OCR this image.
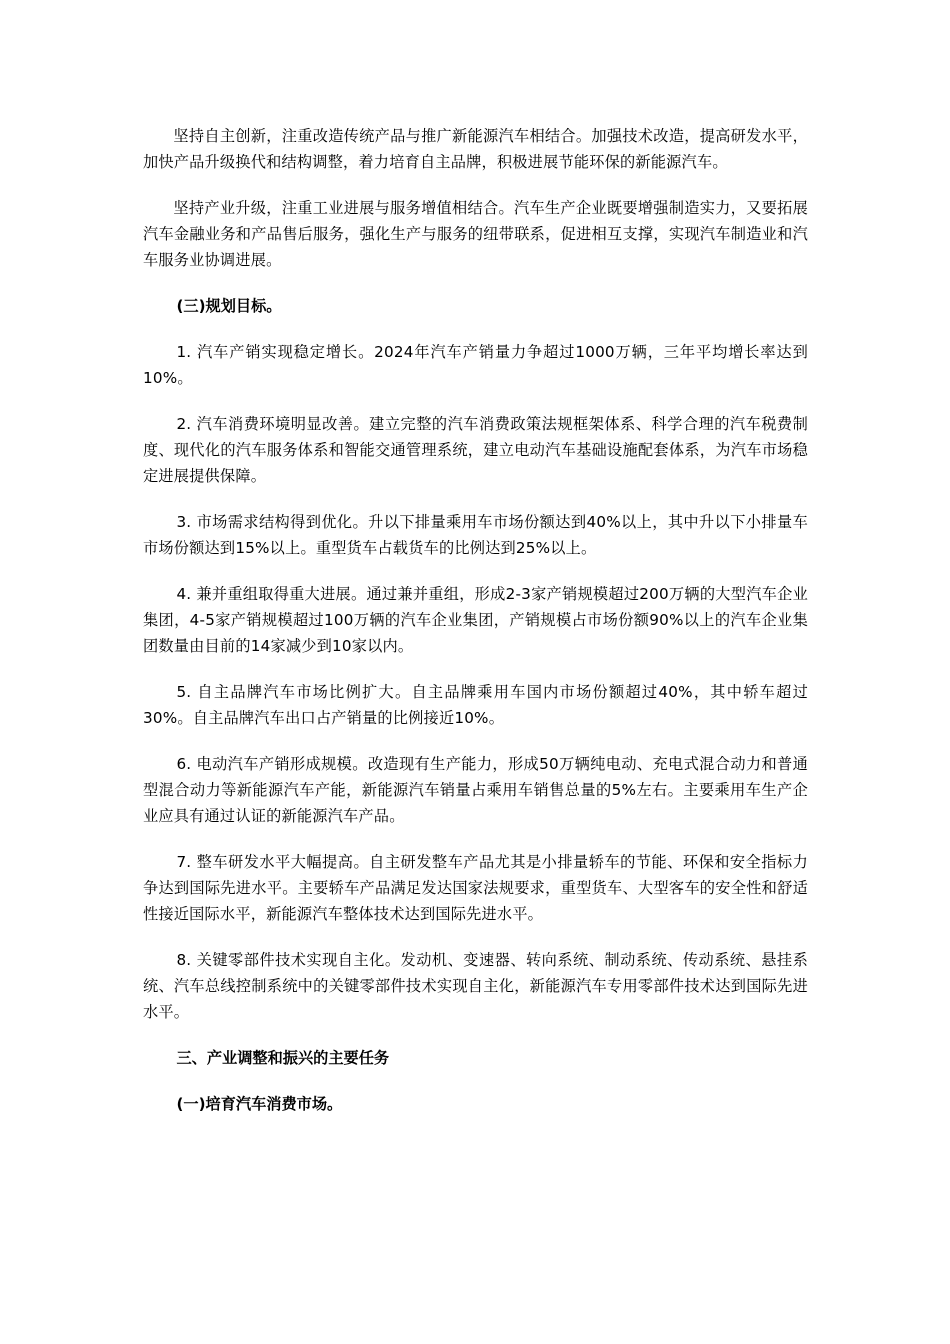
坚持自主创新，注重改造传统产品与推广新能源汽车相结合。加强技术改造，提高研发水平，加快产品升级换代和结构调整，着力培育自主品牌，积极进展节能环保的新能源汽车。

坚持产业升级，注重工业进展与服务增值相结合。汽车生产企业既要增强制造实力，又要拓展汽车金融业务和产品售后服务，强化生产与服务的纽带联系，促进相互支撑，实现汽车制造业和汽车服务业协调进展。

(三)规划目标。

1. 汽车产销实现稳定增长。2024年汽车产销量力争超过1000万辆，三年平均增长率达到10%。

2. 汽车消费环境明显改善。建立完整的汽车消费政策法规框架体系、科学合理的汽车税费制度、现代化的汽车服务体系和智能交通管理系统，建立电动汽车基础设施配套体系，为汽车市场稳定进展提供保障。

3. 市场需求结构得到优化。升以下排量乘用车市场份额达到40%以上，其中升以下小排量车市场份额达到15%以上。重型货车占载货车的比例达到25%以上。

4. 兼并重组取得重大进展。通过兼并重组，形成2-3家产销规模超过200万辆的大型汽车企业集团，4-5家产销规模超过100万辆的汽车企业集团，产销规模占市场份额90%以上的汽车企业集团数量由目前的14家减少到10家以内。

5. 自主品牌汽车市场比例扩大。自主品牌乘用车国内市场份额超过40%，其中轿车超过30%。自主品牌汽车出口占产销量的比例接近10%。

6. 电动汽车产销形成规模。改造现有生产能力，形成50万辆纯电动、充电式混合动力和普通型混合动力等新能源汽车产能，新能源汽车销量占乘用车销售总量的5%左右。主要乘用车生产企业应具有通过认证的新能源汽车产品。

7. 整车研发水平大幅提高。自主研发整车产品尤其是小排量轿车的节能、环保和安全指标力争达到国际先进水平。主要轿车产品满足发达国家法规要求，重型货车、大型客车的安全性和舒适性接近国际水平，新能源汽车整体技术达到国际先进水平。

8. 关键零部件技术实现自主化。发动机、变速器、转向系统、制动系统、传动系统、悬挂系统、汽车总线控制系统中的关键零部件技术实现自主化，新能源汽车专用零部件技术达到国际先进水平。

三、产业调整和振兴的主要任务

(一)培育汽车消费市场。
